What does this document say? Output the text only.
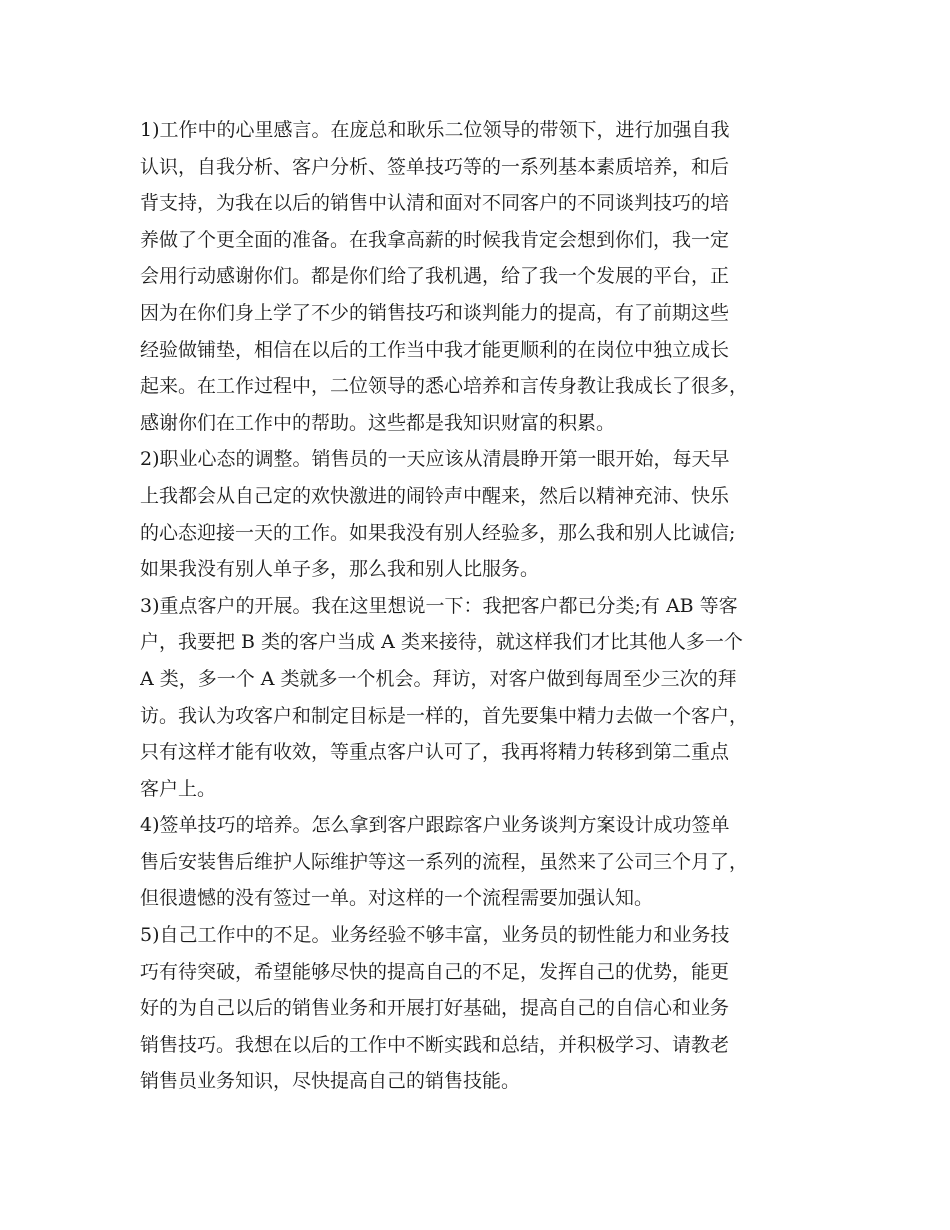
1)工作中的心里感言。在庞总和耿乐二位领导的带领下，进行加强自我
认识，自我分析、客户分析、签单技巧等的一系列基本素质培养，和后
背支持，为我在以后的销售中认清和面对不同客户的不同谈判技巧的培
养做了个更全面的准备。在我拿高薪的时候我肯定会想到你们，我一定
会用行动感谢你们。都是你们给了我机遇，给了我一个发展的平台，正
因为在你们身上学了不少的销售技巧和谈判能力的提高，有了前期这些
经验做铺垫，相信在以后的工作当中我才能更顺利的在岗位中独立成长
起来。在工作过程中，二位领导的悉心培养和言传身教让我成长了很多，
感谢你们在工作中的帮助。这些都是我知识财富的积累。
2)职业心态的调整。销售员的一天应该从清晨睁开第一眼开始，每天早
上我都会从自己定的欢快激进的闹铃声中醒来，然后以精神充沛、快乐
的心态迎接一天的工作。如果我没有别人经验多，那么我和别人比诚信;
如果我没有别人单子多，那么我和别人比服务。
3)重点客户的开展。我在这里想说一下：我把客户都已分类;有 AB 等客
户，我要把 B 类的客户当成 A 类来接待，就这样我们才比其他人多一个
A 类，多一个 A 类就多一个机会。拜访，对客户做到每周至少三次的拜
访。我认为攻客户和制定目标是一样的，首先要集中精力去做一个客户，
只有这样才能有收效，等重点客户认可了，我再将精力转移到第二重点
客户上。
4)签单技巧的培养。怎么拿到客户跟踪客户业务谈判方案设计成功签单
售后安装售后维护人际维护等这一系列的流程，虽然来了公司三个月了，
但很遗憾的没有签过一单。对这样的一个流程需要加强认知。
5)自己工作中的不足。业务经验不够丰富，业务员的韧性能力和业务技
巧有待突破，希望能够尽快的提高自己的不足，发挥自己的优势，能更
好的为自己以后的销售业务和开展打好基础，提高自己的自信心和业务
销售技巧。我想在以后的工作中不断实践和总结，并积极学习、请教老
销售员业务知识，尽快提高自己的销售技能。
